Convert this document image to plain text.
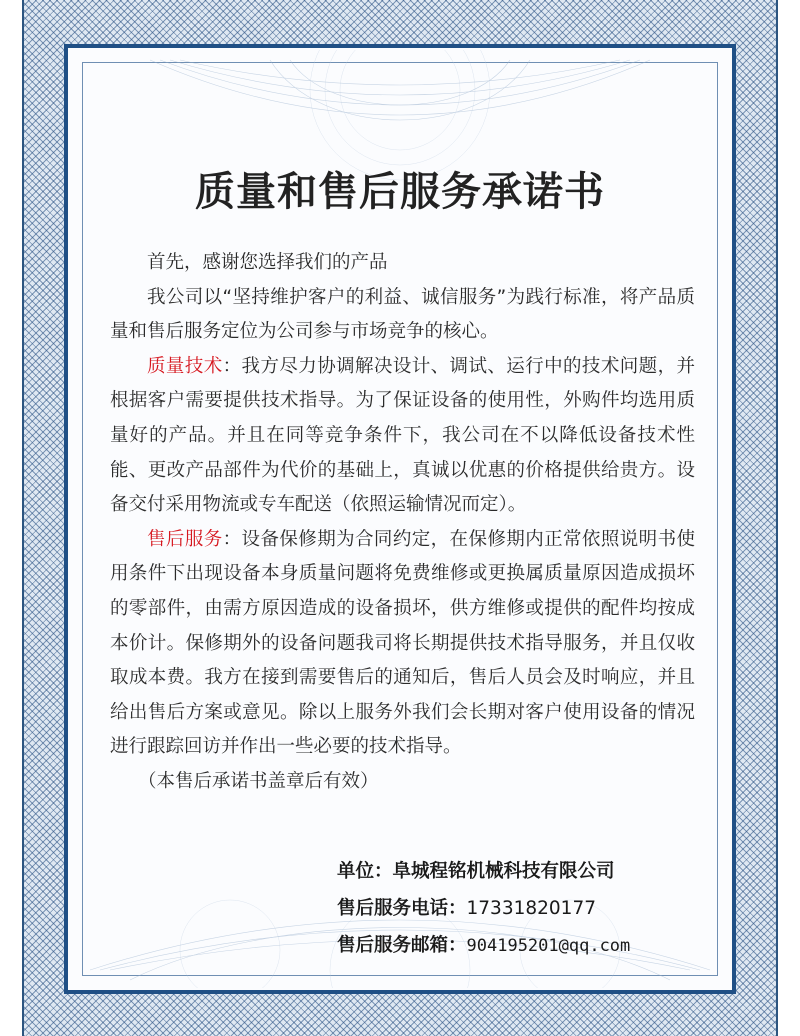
质量和售后服务承诺书

首先，感谢您选择我们的产品

我公司以“坚持维护客户的利益、诚信服务”为践行标准，将产品质量和售后服务定位为公司参与市场竞争的核心。

质量技术：我方尽力协调解决设计、调试、运行中的技术问题，并根据客户需要提供技术指导。为了保证设备的使用性，外购件均选用质量好的产品。并且在同等竞争条件下，我公司在不以降低设备技术性能、更改产品部件为代价的基础上，真诚以优惠的价格提供给贵方。设备交付采用物流或专车配送（依照运输情况而定）。

售后服务：设备保修期为合同约定，在保修期内正常依照说明书使用条件下出现设备本身质量问题将免费维修或更换属质量原因造成损坏的零部件，由需方原因造成的设备损坏，供方维修或提供的配件均按成本价计。保修期外的设备问题我司将长期提供技术指导服务，并且仅收取成本费。我方在接到需要售后的通知后，售后人员会及时响应，并且给出售后方案或意见。除以上服务外我们会长期对客户使用设备的情况进行跟踪回访并作出一些必要的技术指导。

（本售后承诺书盖章后有效）

单位：阜城程铭机械科技有限公司
售后服务电话：17331820177
售后服务邮箱：904195201@qq.com
